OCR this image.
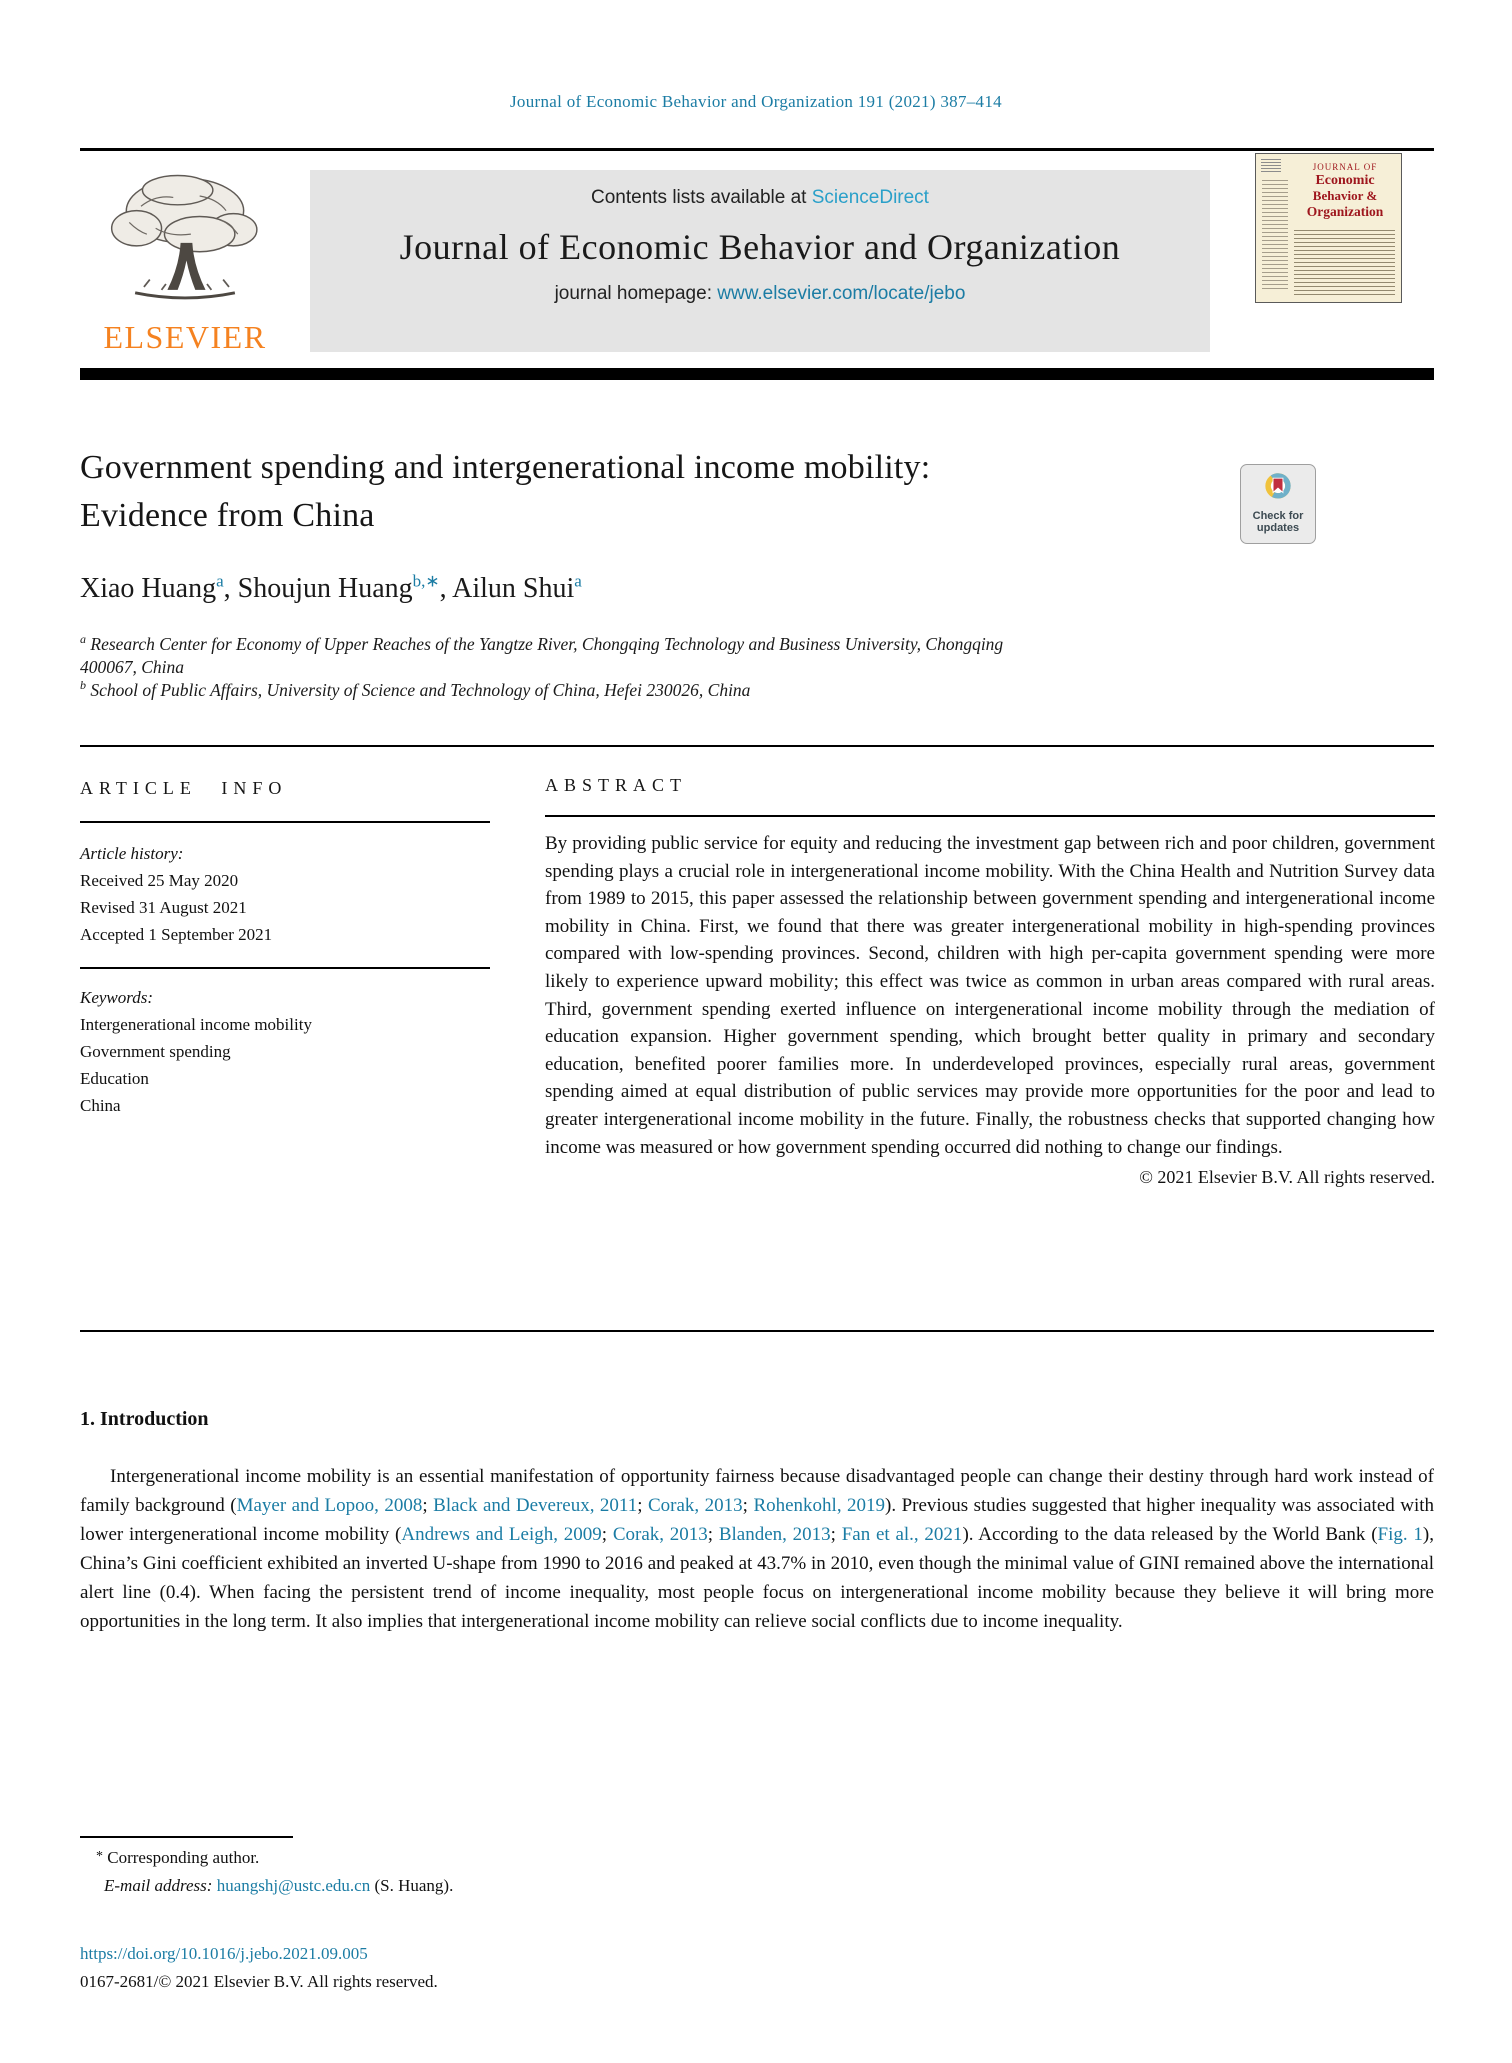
Journal of Economic Behavior and Organization 191 (2021) 387–414
ELSEVIER
Contents lists available at ScienceDirect
Journal of Economic Behavior and Organization
journal homepage: www.elsevier.com/locate/jebo
JOURNAL OF
Economic
Behavior &
Organization
Government spending and intergenerational income mobility:
Evidence from China	Check for
updates
Xiao Huang$^a$, Shoujun Huang$^{b,∗}$, Ailun Shui$^a$
$^a$ Research Center for Economy of Upper Reaches of the Yangtze River, Chongqing Technology and Business University, Chongqing 400067, China
$^b$ School of Public Affairs, University of Science and Technology of China, Hefei 230026, China
ARTICLE INFO
Article history:
Received 25 May 2020
Revised 31 August 2021
Accepted 1 September 2021
Keywords:
Intergenerational income mobility
Government spending
Education
China
ABSTRACT

By providing public service for equity and reducing the investment gap between rich and poor children, government spending plays a crucial role in intergenerational income mobility. With the China Health and Nutrition Survey data from 1989 to 2015, this paper assessed the relationship between government spending and intergenerational income mobility in China. First, we found that there was greater intergenerational mobility in high-spending provinces compared with low-spending provinces. Second, children with high per-capita government spending were more likely to experience upward mobility; this effect was twice as common in urban areas compared with rural areas. Third, government spending exerted influence on intergenerational income mobility through the mediation of education expansion. Higher government spending, which brought better quality in primary and secondary education, benefited poorer families more. In underdeveloped provinces, especially rural areas, government spending aimed at equal distribution of public services may provide more opportunities for the poor and lead to greater intergenerational income mobility in the future. Finally, the robustness checks that supported changing how income was measured or how government spending occurred did nothing to change our findings.

© 2021 Elsevier B.V. All rights reserved.
1. Introduction

Intergenerational income mobility is an essential manifestation of opportunity fairness because disadvantaged people can change their destiny through hard work instead of family background (Mayer and Lopoo, 2008; Black and Devereux, 2011; Corak, 2013; Rohenkohl, 2019). Previous studies suggested that higher inequality was associated with lower intergenerational income mobility (Andrews and Leigh, 2009; Corak, 2013; Blanden, 2013; Fan et al., 2021). According to the data released by the World Bank (Fig. 1), China’s Gini coefficient exhibited an inverted U-shape from 1990 to 2016 and peaked at 43.7% in 2010, even though the minimal value of GINI remained above the international alert line (0.4). When facing the persistent trend of income inequality, most people focus on intergenerational income mobility because they believe it will bring more opportunities in the long term. It also implies that intergenerational income mobility can relieve social conflicts due to income inequality.

* Corresponding author.
E-mail address: huangshj@ustc.edu.cn (S. Huang).
https://doi.org/10.1016/j.jebo.2021.09.005
0167-2681/© 2021 Elsevier B.V. All rights reserved.
